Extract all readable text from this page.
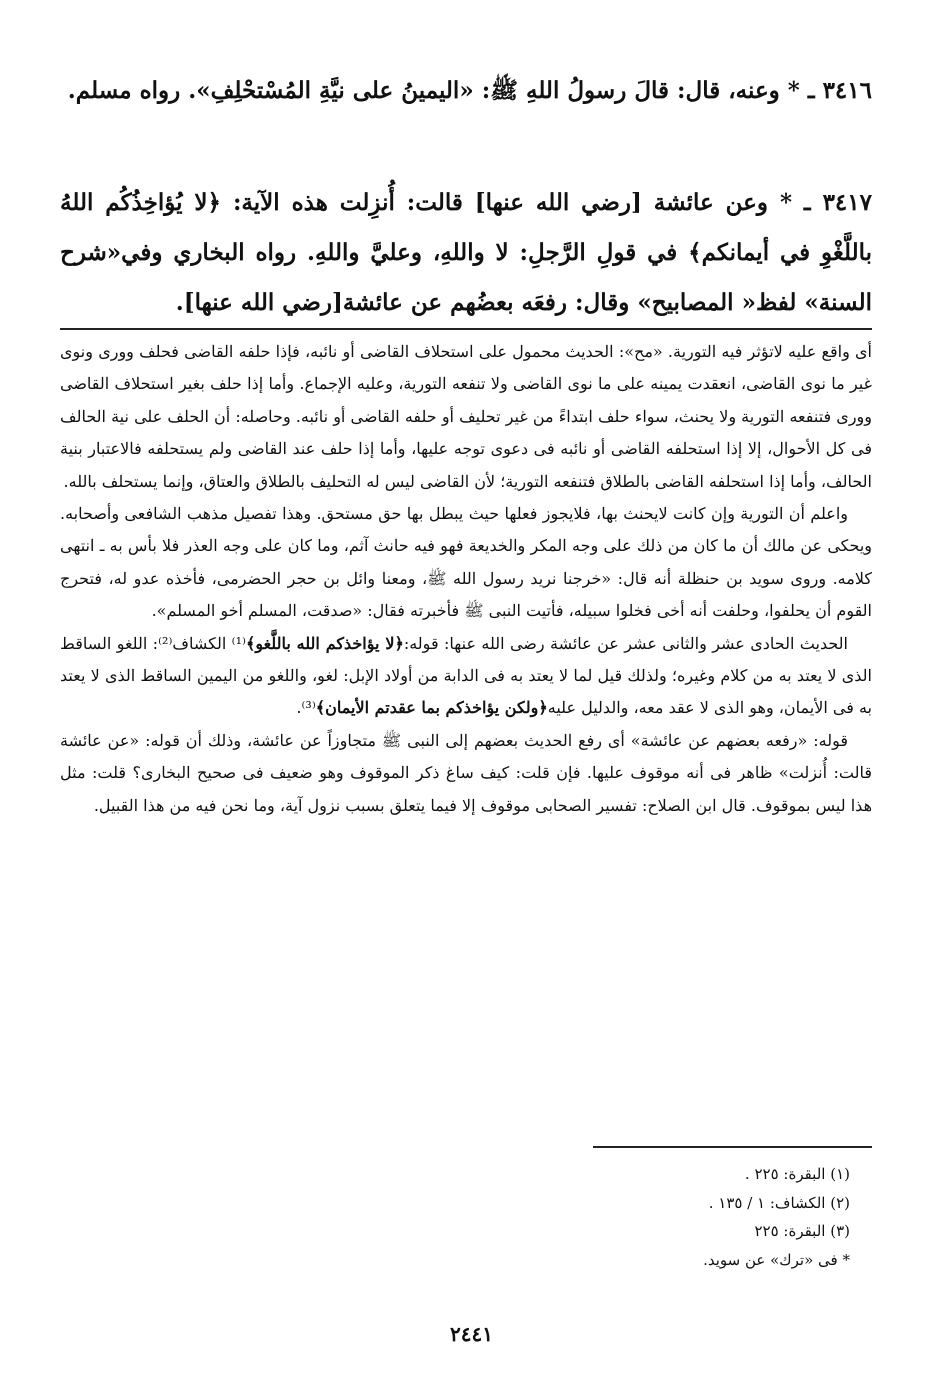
٣٤١٦ ـ * وعنه، قال: قالَ رسولُ اللهِ ﷺ: «اليمينُ على نيَّةِ المُسْتحْلِفِ». رواه مسلم.
٣٤١٧ ـ * وعن عائشة [رضي الله عنها] قالت: أُنزِلت هذه الآية: ﴿لا يُؤاخِذُكُم اللهُ باللَّغْوِ في أيمانكم﴾ في قولِ الرَّجلِ: لا واللهِ، وعليَّ واللهِ. رواه البخاري وفي«شرح السنة» لفظ« المصابيح» وقال: رفعَه بعضُهم عن عائشة[رضي الله عنها].

أى واقع عليه لاتؤثر فيه التورية. «مح»: الحديث محمول على استحلاف القاضى أو نائبه، فإذا حلفه القاضى فحلف وورى ونوى غير ما نوى القاضى، انعقدت يمينه على ما نوى القاضى ولا تنفعه التورية، وعليه الإجماع. وأما إذا حلف بغير استحلاف القاضى وورى فتنفعه التورية ولا يحنث، سواء حلف ابتداءً من غير تحليف أو حلفه القاضى أو نائبه. وحاصله: أن الحلف على نية الحالف فى كل الأحوال، إلا إذا استحلفه القاضى أو نائبه فى دعوى توجه عليها، وأما إذا حلف عند القاضى ولم يستحلفه فالاعتبار بنية الحالف، وأما إذا استحلفه القاضى بالطلاق فتنفعه التورية؛ لأن القاضى ليس له التحليف بالطلاق والعتاق، وإنما يستحلف بالله.

واعلم أن التورية وإن كانت لايحنث بها، فلايجوز فعلها حيث يبطل بها حق مستحق. وهذا تفصيل مذهب الشافعى وأصحابه. ويحكى عن مالك أن ما كان من ذلك على وجه المكر والخديعة فهو فيه حانث آثم، وما كان على وجه العذر فلا بأس به ـ انتهى كلامه. وروى سويد بن حنظلة أنه قال: «خرجنا نريد رسول الله ﷺ، ومعنا وائل بن حجر الحضرمى، فأخذه عدو له، فتحرج القوم أن يحلفوا، وحلفت أنه أخى فخلوا سبيله، فأتيت النبى ﷺ فأخبرته فقال: «صدقت، المسلم أخو المسلم».

الحديث الحادى عشر والثانى عشر عن عائشة رضى الله عنها: قوله:﴿لا يؤاخذكم الله باللَّغو﴾⁽¹⁾ الكشاف⁽²⁾: اللغو الساقط الذى لا يعتد به من كلام وغيره؛ ولذلك قيل لما لا يعتد به فى الدابة من أولاد الإبل: لغو، واللغو من اليمين الساقط الذى لا يعتد به فى الأيمان، وهو الذى لا عقد معه، والدليل عليه﴿ولكن يؤاخذكم بما عقدتم الأيمان﴾⁽³⁾.

قوله: «رفعه بعضهم عن عائشة» أى رفع الحديث بعضهم إلى النبى ﷺ متجاوزاً عن عائشة، وذلك أن قوله: «عن عائشة قالت: أُنزلت» ظاهر فى أنه موقوف عليها. فإن قلت: كيف ساغ ذكر الموقوف وهو ضعيف فى صحيح البخارى؟ قلت: مثل هذا ليس بموقوف. قال ابن الصلاح: تفسير الصحابى موقوف إلا فيما يتعلق بسبب نزول آية، وما نحن فيه من هذا القبيل.

(١) البقرة: ٢٢٥ .
(٢) الكشاف: ١ / ١٣٥ .
(٣) البقرة: ٢٢٥
* فى «ترك» عن سويد.
٢٤٤١
